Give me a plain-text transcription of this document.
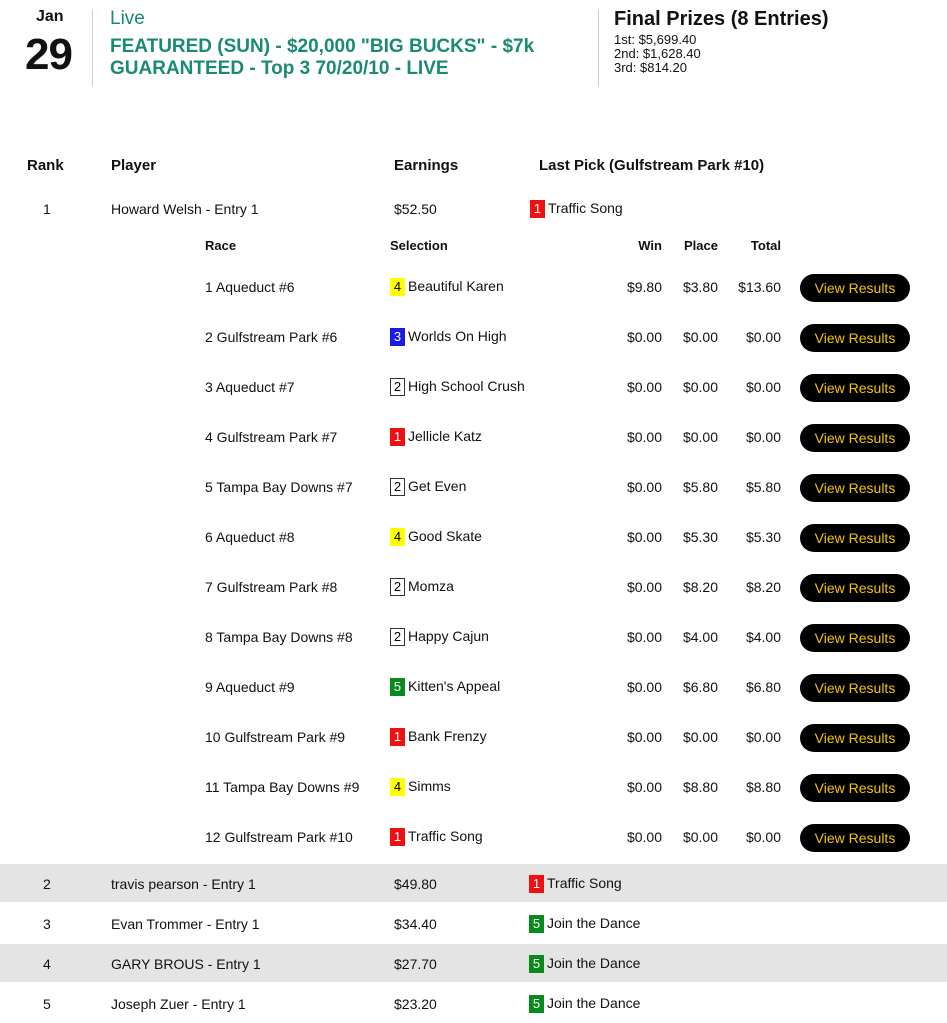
Jan
29
Live
FEATURED (SUN) - $20,000 "BIG BUCKS" - $7k GUARANTEED - Top 3 70/20/10 - LIVE
Final Prizes (8 Entries)
1st: $5,699.40
2nd: $1,628.40
3rd: $814.20
Rank	Player	Earnings	Last Pick (Gulfstream Park #10)
1	Howard Welsh - Entry 1	$52.50	1 Traffic Song
Race	Selection	Win	Place	Total
1 Aqueduct #6	4 Beautiful Karen	$9.80	$3.80	$13.60	View Results
2 Gulfstream Park #6	3 Worlds On High	$0.00	$0.00	$0.00	View Results
3 Aqueduct #7	2 High School Crush	$0.00	$0.00	$0.00	View Results
4 Gulfstream Park #7	1 Jellicle Katz	$0.00	$0.00	$0.00	View Results
5 Tampa Bay Downs #7	2 Get Even	$0.00	$5.80	$5.80	View Results
6 Aqueduct #8	4 Good Skate	$0.00	$5.30	$5.30	View Results
7 Gulfstream Park #8	2 Momza	$0.00	$8.20	$8.20	View Results
8 Tampa Bay Downs #8	2 Happy Cajun	$0.00	$4.00	$4.00	View Results
9 Aqueduct #9	5 Kitten's Appeal	$0.00	$6.80	$6.80	View Results
10 Gulfstream Park #9	1 Bank Frenzy	$0.00	$0.00	$0.00	View Results
11 Tampa Bay Downs #9	4 Simms	$0.00	$8.80	$8.80	View Results
12 Gulfstream Park #10	1 Traffic Song	$0.00	$0.00	$0.00	View Results
2	travis pearson - Entry 1	$49.80	1 Traffic Song
3	Evan Trommer - Entry 1	$34.40	5 Join the Dance
4	GARY BROUS - Entry 1	$27.70	5 Join the Dance
5	Joseph Zuer - Entry 1	$23.20	5 Join the Dance
